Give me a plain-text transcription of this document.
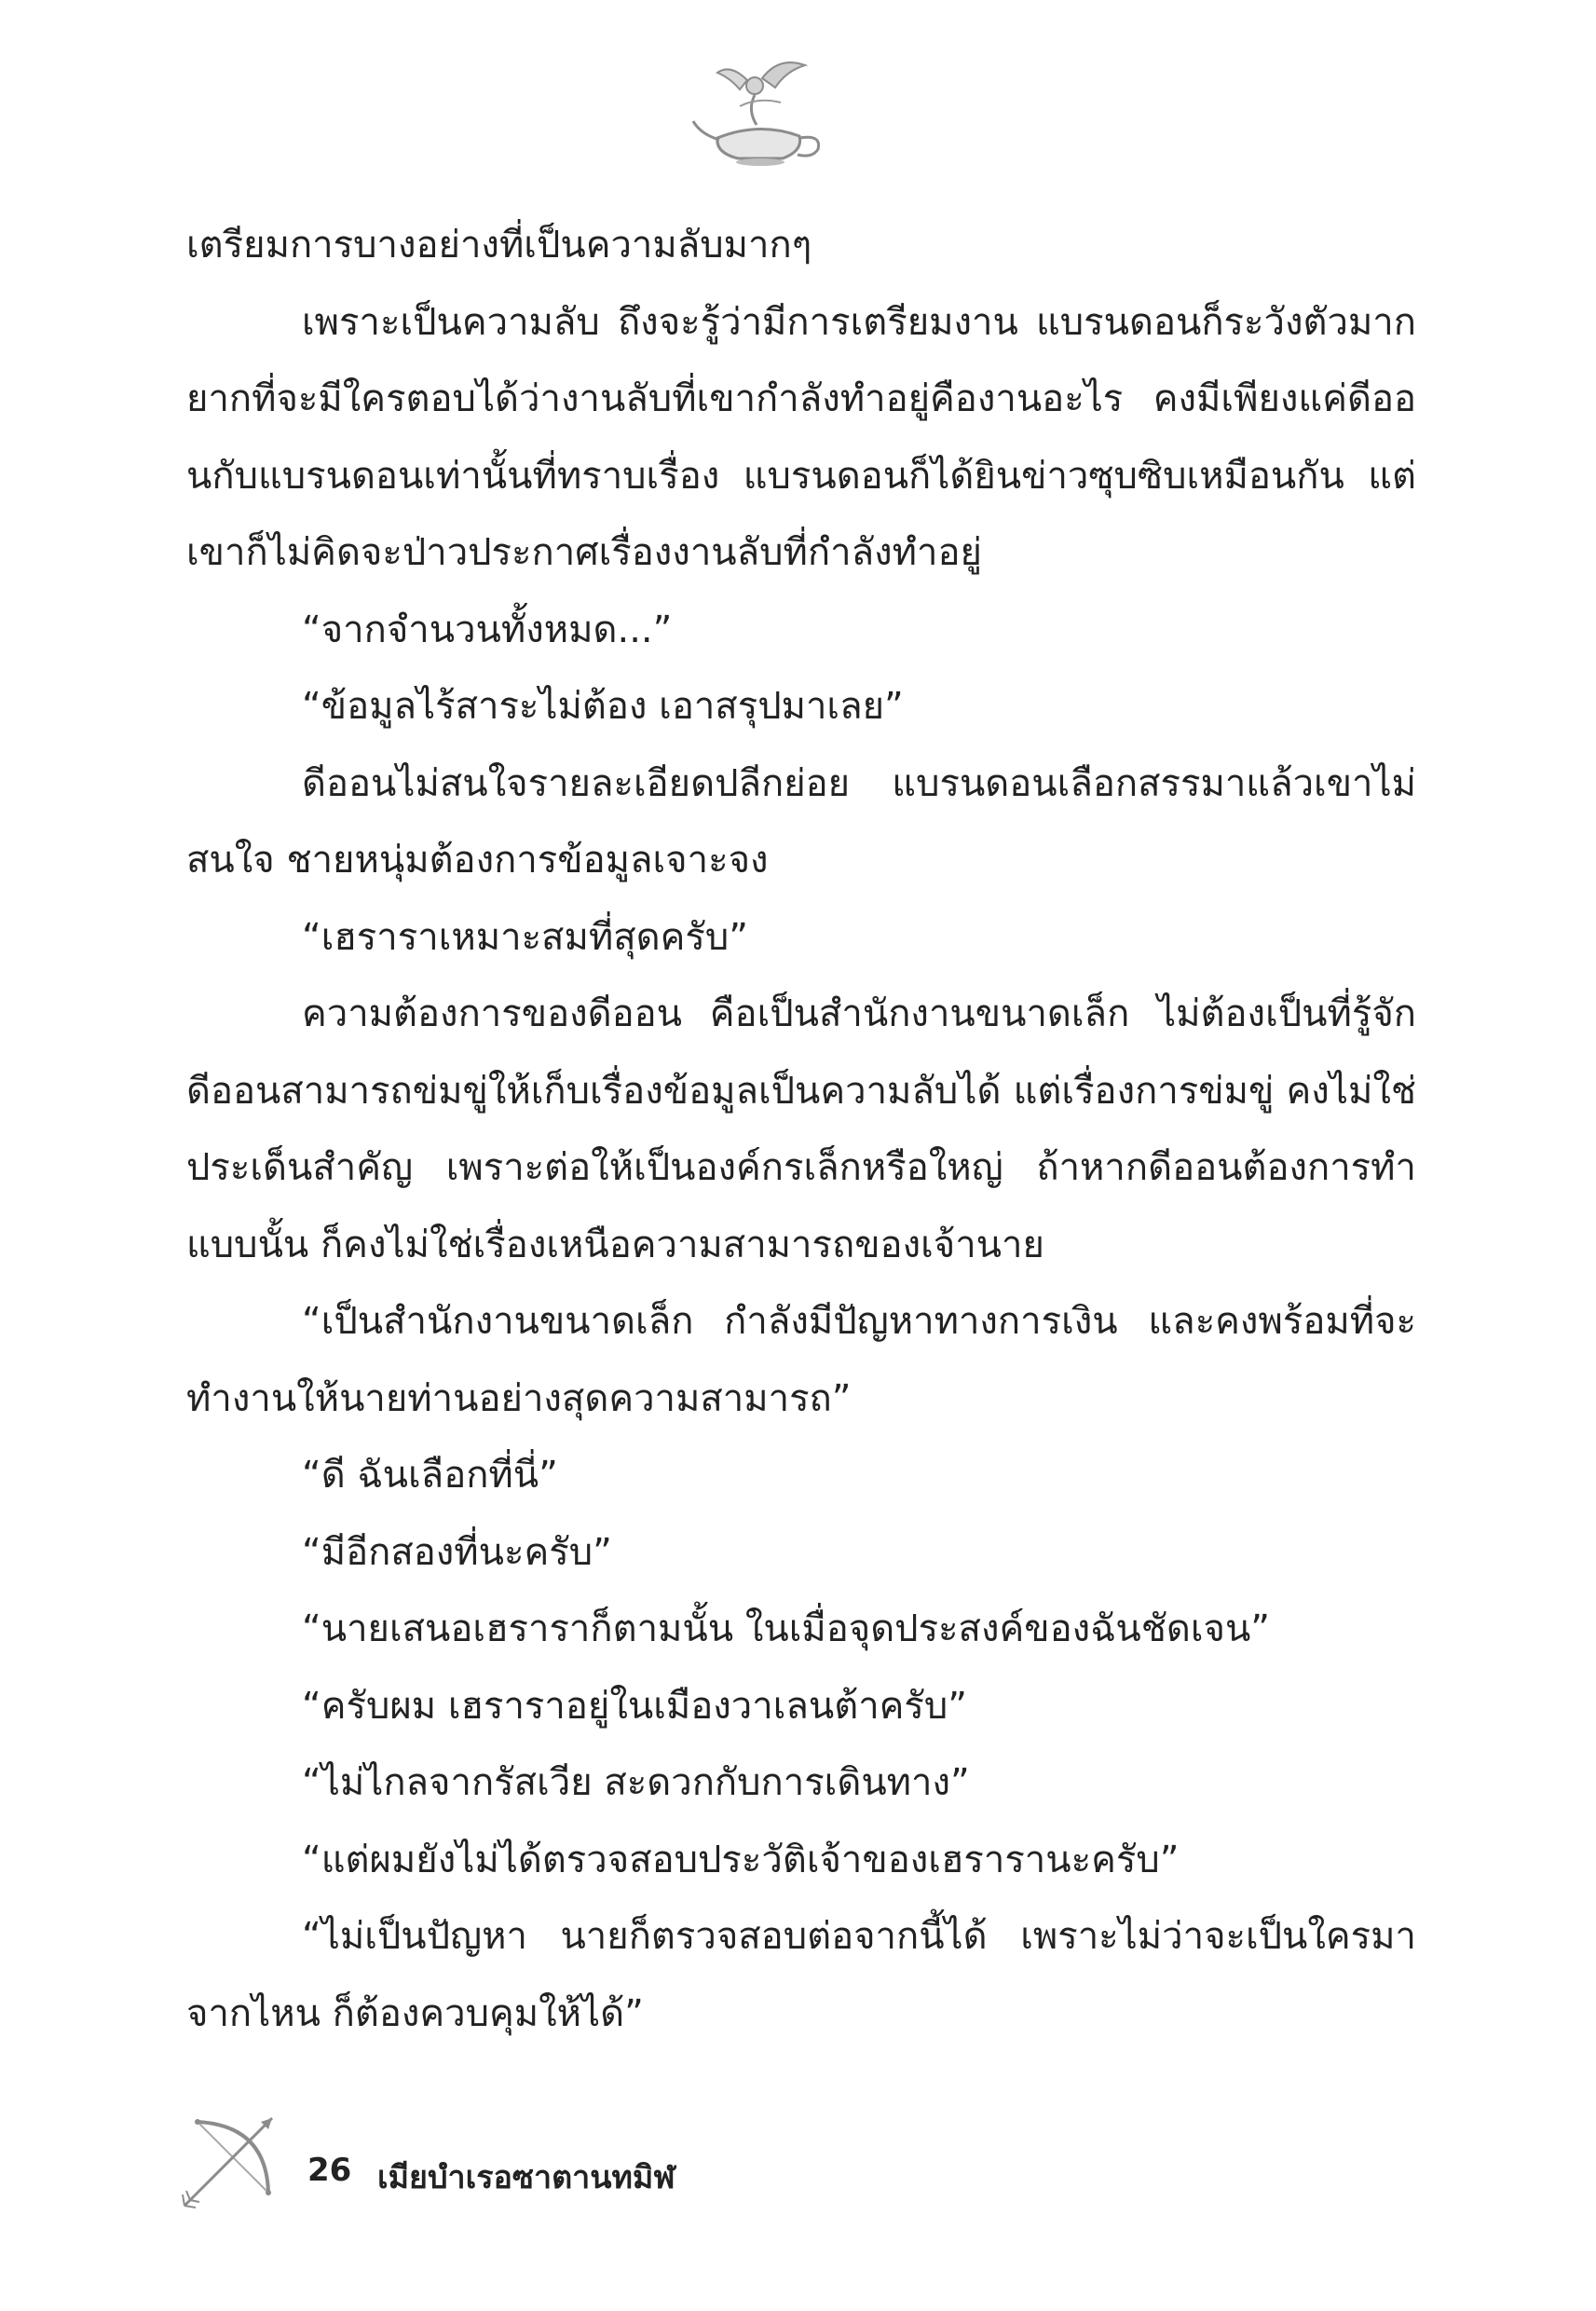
เตรียมการบางอย่างที่เป็นความลับมากๆ

เพราะเป็นความลับ ถึงจะรู้ว่ามีการเตรียมงาน แบรนดอนก็ระวังตัวมาก ยากที่จะมีใครตอบได้ว่างานลับที่เขากำลังทำอยู่คืองานอะไร คงมีเพียงแค่ดีออนกับแบรนดอนเท่านั้นที่ทราบเรื่อง แบรนดอนก็ได้ยินข่าวซุบซิบเหมือนกัน แต่เขาก็ไม่คิดจะป่าวประกาศเรื่องงานลับที่กำลังทำอยู่

“จากจำนวนทั้งหมด...”

“ข้อมูลไร้สาระไม่ต้อง เอาสรุปมาเลย”

ดีออนไม่สนใจรายละเอียดปลีกย่อย แบรนดอนเลือกสรรมาแล้วเขาไม่สนใจ ชายหนุ่มต้องการข้อมูลเจาะจง

“เฮราราเหมาะสมที่สุดครับ”

ความต้องการของดีออน คือเป็นสำนักงานขนาดเล็ก ไม่ต้องเป็นที่รู้จัก ดีออนสามารถข่มขู่ให้เก็บเรื่องข้อมูลเป็นความลับได้ แต่เรื่องการข่มขู่ คงไม่ใช่ประเด็นสำคัญ เพราะต่อให้เป็นองค์กรเล็กหรือใหญ่ ถ้าหากดีออนต้องการทำแบบนั้น ก็คงไม่ใช่เรื่องเหนือความสามารถของเจ้านาย

“เป็นสำนักงานขนาดเล็ก กำลังมีปัญหาทางการเงิน และคงพร้อมที่จะทำงานให้นายท่านอย่างสุดความสามารถ”

“ดี ฉันเลือกที่นี่”

“มีอีกสองที่นะครับ”

“นายเสนอเฮราราก็ตามนั้น ในเมื่อจุดประสงค์ของฉันชัดเจน”

“ครับผม เฮราราอยู่ในเมืองวาเลนต้าครับ”

“ไม่ไกลจากรัสเวีย สะดวกกับการเดินทาง”

“แต่ผมยังไม่ได้ตรวจสอบประวัติเจ้าของเฮรารานะครับ”

“ไม่เป็นปัญหา นายก็ตรวจสอบต่อจากนี้ได้ เพราะไม่ว่าจะเป็นใครมาจากไหน ก็ต้องควบคุมให้ได้”

26 เมียบำเรอซาตานทมิฬ
